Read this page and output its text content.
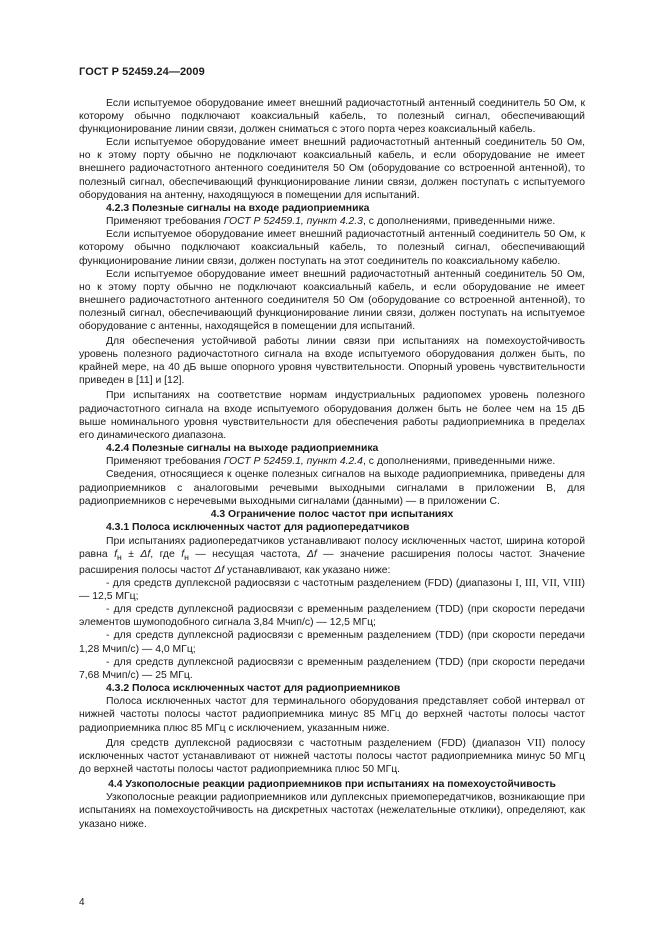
ГОСТ Р 52459.24—2009

Если испытуемое оборудование имеет внешний радиочастотный антенный соединитель 50 Ом, к которому обычно подключают коаксиальный кабель, то полезный сигнал, обеспечивающий функционирование линии связи, должен сниматься с этого порта через коаксиальный кабель.

Если испытуемое оборудование имеет внешний радиочастотный антенный соединитель 50 Ом, но к этому порту обычно не подключают коаксиальный кабель, и если оборудование не имеет внешнего радиочастотного антенного соединителя 50 Ом (оборудование со встроенной антенной), то полезный сигнал, обеспечивающий функционирование линии связи, должен поступать с испытуемого оборудования на антенну, находящуюся в помещении для испытаний.

4.2.3 Полезные сигналы на входе радиоприемника

Применяют требования ГОСТ Р 52459.1, пункт 4.2.3, с дополнениями, приведенными ниже.

Если испытуемое оборудование имеет внешний радиочастотный антенный соединитель 50 Ом, к которому обычно подключают коаксиальный кабель, то полезный сигнал, обеспечивающий функционирование линии связи, должен поступать на этот соединитель по коаксиальному кабелю.

Если испытуемое оборудование имеет внешний радиочастотный антенный соединитель 50 Ом, но к этому порту обычно не подключают коаксиальный кабель, и если оборудование не имеет внешнего радиочастотного антенного соединителя 50 Ом (оборудование со встроенной антенной), то полезный сигнал, обеспечивающий функционирование линии связи, должен поступать на испытуемое оборудование с антенны, находящейся в помещении для испытаний.

Для обеспечения устойчивой работы линии связи при испытаниях на помехоустойчивость уровень полезного радиочастотного сигнала на входе испытуемого оборудования должен быть, по крайней мере, на 40 дБ выше опорного уровня чувствительности. Опорный уровень чувствительности приведен в [11] и [12].

При испытаниях на соответствие нормам индустриальных радиопомех уровень полезного радиочастотного сигнала на входе испытуемого оборудования должен быть не более чем на 15 дБ выше номинального уровня чувствительности для обеспечения работы радиоприемника в пределах его динамического диапазона.

4.2.4 Полезные сигналы на выходе радиоприемника

Применяют требования ГОСТ Р 52459.1, пункт 4.2.4, с дополнениями, приведенными ниже.

Сведения, относящиеся к оценке полезных сигналов на выходе радиоприемника, приведены для радиоприемников с аналоговыми речевыми выходными сигналами в приложении В, для радиоприемников с неречевыми выходными сигналами (данными) — в приложении С.

4.3 Ограничение полос частот при испытаниях
4.3.1 Полоса исключенных частот для радиопередатчиков

При испытаниях радиопередатчиков устанавливают полосу исключенных частот, ширина которой равна $f_н \pm \Delta f$, где $f_н$ — несущая частота, Δf — значение расширения полосы частот. Значение расширения полосы частот Δf устанавливают, как указано ниже:

- для средств дуплексной радиосвязи с частотным разделением (FDD) (диапазоны I, III, VII, VIII) — 12,5 МГц;

- для средств дуплексной радиосвязи с временным разделением (TDD) (при скорости передачи элементов шумоподобного сигнала 3,84 Мчип/с) — 12,5 МГц;

- для средств дуплексной радиосвязи с временным разделением (TDD) (при скорости передачи 1,28 Мчип/с) — 4,0 МГц;

- для средств дуплексной радиосвязи с временным разделением (TDD) (при скорости передачи 7,68 Мчип/с) — 25 МГц.

4.3.2 Полоса исключенных частот для радиоприемников

Полоса исключенных частот для терминального оборудования представляет собой интервал от нижней частоты полосы частот радиоприемника минус 85 МГц до верхней частоты полосы частот радиоприемника плюс 85 МГц с исключением, указанным ниже.

Для средств дуплексной радиосвязи с частотным разделением (FDD) (диапазон VII) полосу исключенных частот устанавливают от нижней частоты полосы частот радиоприемника минус 50 МГц до верхней частоты полосы частот радиоприемника плюс 50 МГц.

4.4 Узкополосные реакции радиоприемников при испытаниях на помехоустойчивость

Узкополосные реакции радиоприемников или дуплексных приемопередатчиков, возникающие при испытаниях на помехоустойчивость на дискретных частотах (нежелательные отклики), определяют, как указано ниже.

4
